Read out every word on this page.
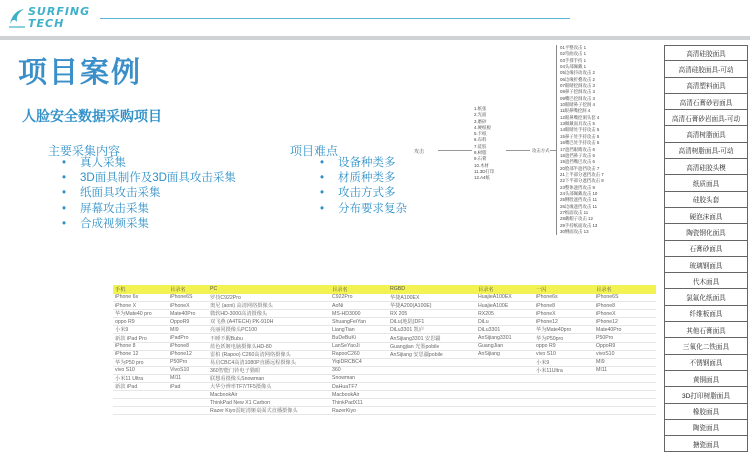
SURFING
TECH
项目案例
人脸安全数据采购项目
主要采集内容
• 真人采集
• 3D面具制作及3D面具攻击采集
• 纸面具攻击采集
• 屏幕攻击采集
• 合成视频采集
项目难点
• 设备种类多
• 材质种类多
• 攻击方式多
• 分布要求复杂
攻击
1.纸张
2.光面
3.磨砂
4.硬纸板
5.卡纸
6.布料
7.硅胶
8.树脂
9.石膏
10.木材
11.3D打印
12.A4纸
攻击方式
01平整攻击 1
02弯曲攻击 1
03手撑手持 1
04头部佩戴 1
05边缘抖动攻击 2
06边缘折叠攻击 2
07眼睛挖洞攻击 3
08鼻子挖洞攻击 3
09嘴巴挖洞攻击 3
10眼睛鼻子挖洞 4
11眼鼻嘴挖洞 4
12眼鼻嘴挖洞头套 4
13佩戴面具攻击 5
14眼睛处手持攻击 5
15鼻子处手持攻击 5
16嘴巴处手持攻击 5
17遮挡眼睛攻击 6
18遮挡鼻子攻击 6
19遮挡嘴巴攻击 6
20脸部半遮挡攻击 7
21上半部分遮挡攻击 7
22下半部分遮挡攻击 8
23整体遮挡攻击 9
24头部佩戴攻击 10
25侧脸遮挡攻击 11
26边缘遮挡攻击 11
27纸面攻击 11
28戴帽子攻击 12
29手持纸面攻击 13
30侧面攻击 13
高清硅胶面具
高清硅胶面具-可动
高清塑料面具
高清石膏砂岩面具
高清石膏砂岩面具-可动
高清树脂面具
高清树脂面具-可动
高清硅胶头模
纸质面具
硅胶头套
硬泡沫面具
陶瓷钢化面具
石膏砂面具
玻璃钢面具
代木面具
氯氟化纸面具
纤维板面具
其他石膏面具
三氧化二铁面具
不锈钢面具
黄铜面具
3D打印树脂面具
橡胶面具
陶瓷面具
搪瓷面具
手机	目录名	PC	目录名	RGBD	目录名	一闪	目录名
iPhone 6s	iPhone6S	罗技C922Pro	C922Pro	华捷A100EX	HuajieA100EX	iPhone6s	iPhone6S
iPhone X	iPhoneX	奥尼 (aoni) 高清网络摄像头	AoNi	华捷A200(A100E)	HuajieA100E	iPhone8	iPhone8
华为Mate40 pro	Mate40Pro	微软HD-3000高清摄像头	MS-HD3000	RX 205	RX205	iPhoneX	iPhoneX
oppo R9	OppoR9	双飞燕 (A4TECH) PK-910H	ShuangFeiYan	DiLu(地陆)DF1	DiLu	iPhone12	iPhone12
小米9	MI9	亮丽同摄像头PC100	LiangTian	DiLu3301 凯庐	DiLu3301	华为Mate40pro	Mate40Pro
新款 iPad Pro	iPadPro	不睡不醒Bubu	BuDeBuKi	AnSijiang3301 安思疆	AnSijiang3301	华为P50pro	P50Pro
iPhone 8	iPhone8	蓝色妖姬电脑摄像头HD-80	LanSeYaoJi	Guangjian 光鉴pobile	GuangJian	oppo R9	OppoR9
iPhone 12	iPhone12	雷柏 (Rapoo) C260高清网络摄像头	RapooC260	AnSijiang 安思疆pobile	AnSijiang	vivo S10	vivoS10
华为P50 pro	P50Pro	易启CBC4高清1080P直播远程摄像头	YiqiDRCBC4			小米9	MI9
vivo S10	VivoS10	360智能门铃电子猫眼	360			小米11Ultra	MI11
小米11 Ultra	MI11	联想看摄像头Snowman	Snowman				
新款 iPad	iPad	大华分辨率TF7/TF5摄像头	DaHuaTF7				
		MacbookAir	MacbookAir				
		ThinkPad New X1 Carbon	ThinkPadX11				
		Razer Kiyo雷蛇清姬桌面式直播摄像头	RazerKiyo				
